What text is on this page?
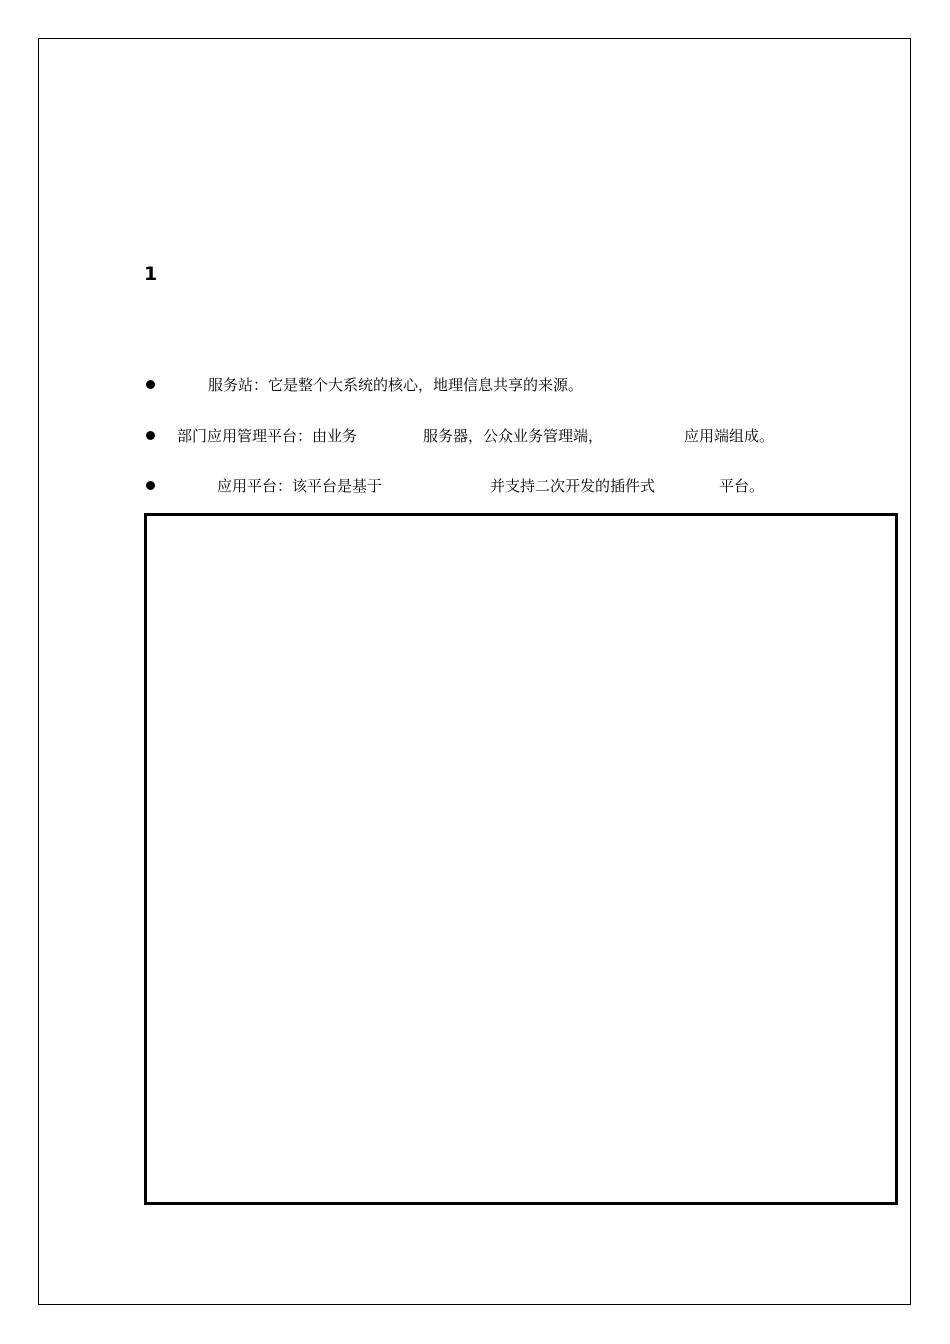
1
服务站：它是整个大系统的核心，地理信息共享的来源。
部门应用管理平台：由业务	服务器，公众业务管理端，	应用端组成。
应用平台：该平台是基于	并支持二次开发的插件式	平台。
